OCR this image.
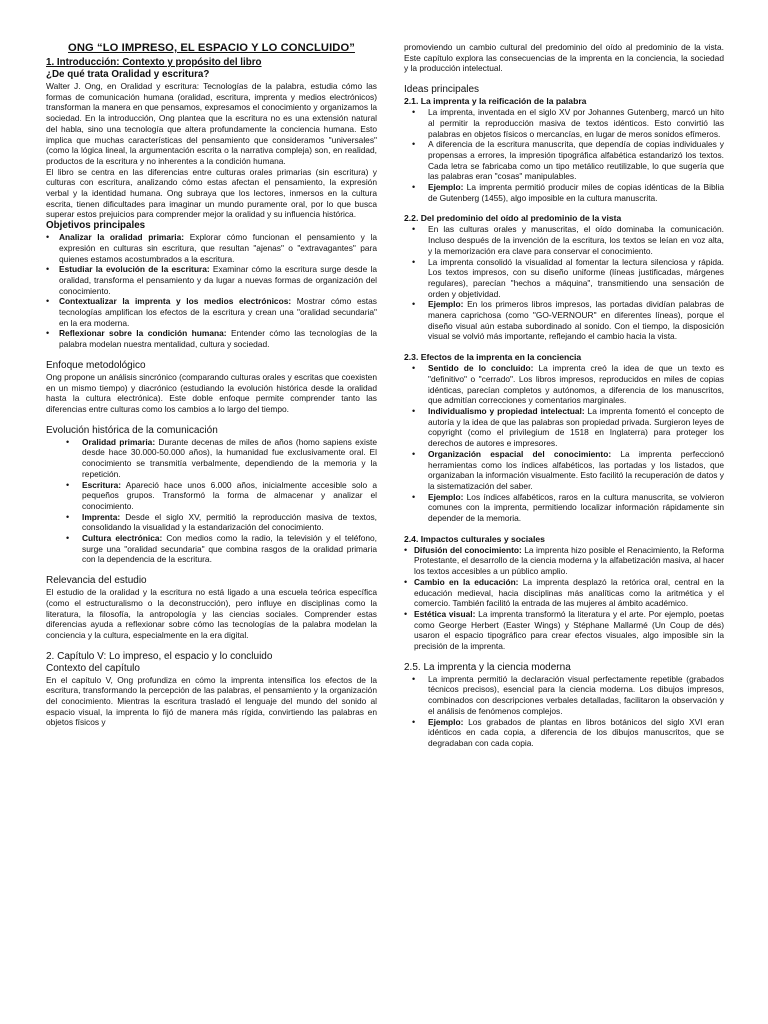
ONG “LO IMPRESO, EL ESPACIO Y LO CONCLUIDO”
1. Introducción: Contexto y propósito del libro
¿De qué trata Oralidad y escritura?

Walter J. Ong, en Oralidad y escritura: Tecnologías de la palabra, estudia cómo las formas de comunicación humana (oralidad, escritura, imprenta y medios electrónicos) transforman la manera en que pensamos, expresamos el conocimiento y organizamos la sociedad. En la introducción, Ong plantea que la escritura no es una extensión natural del habla, sino una tecnología que altera profundamente la conciencia humana. Esto implica que muchas características del pensamiento que consideramos "universales" (como la lógica lineal, la argumentación escrita o la narrativa compleja) son, en realidad, productos de la escritura y no inherentes a la condición humana.

El libro se centra en las diferencias entre culturas orales primarias (sin escritura) y culturas con escritura, analizando cómo estas afectan el pensamiento, la expresión verbal y la identidad humana. Ong subraya que los lectores, inmersos en la cultura escrita, tienen dificultades para imaginar un mundo puramente oral, por lo que busca superar estos prejuicios para comprender mejor la oralidad y su influencia histórica.

Objetivos principales
• Analizar la oralidad primaria: Explorar cómo funcionan el pensamiento y la expresión en culturas sin escritura, que resultan "ajenas" o "extravagantes" para quienes estamos acostumbrados a la escritura.
• Estudiar la evolución de la escritura: Examinar cómo la escritura surge desde la oralidad, transforma el pensamiento y da lugar a nuevas formas de organización del conocimiento.
• Contextualizar la imprenta y los medios electrónicos: Mostrar cómo estas tecnologías amplifican los efectos de la escritura y crean una "oralidad secundaria" en la era moderna.
• Reflexionar sobre la condición humana: Entender cómo las tecnologías de la palabra modelan nuestra mentalidad, cultura y sociedad.
Enfoque metodológico

Ong propone un análisis sincrónico (comparando culturas orales y escritas que coexisten en un mismo tiempo) y diacrónico (estudiando la evolución histórica desde la oralidad hasta la cultura electrónica). Este doble enfoque permite comprender tanto las diferencias entre culturas como los cambios a lo largo del tiempo.

Evolución histórica de la comunicación
• Oralidad primaria: Durante decenas de miles de años (homo sapiens existe desde hace 30.000-50.000 años), la humanidad fue exclusivamente oral. El conocimiento se transmitía verbalmente, dependiendo de la memoria y la repetición.
• Escritura: Apareció hace unos 6.000 años, inicialmente accesible solo a pequeños grupos. Transformó la forma de almacenar y analizar el conocimiento.
• Imprenta: Desde el siglo XV, permitió la reproducción masiva de textos, consolidando la visualidad y la estandarización del conocimiento.
• Cultura electrónica: Con medios como la radio, la televisión y el teléfono, surge una "oralidad secundaria" que combina rasgos de la oralidad primaria con la dependencia de la escritura.
Relevancia del estudio

El estudio de la oralidad y la escritura no está ligado a una escuela teórica específica (como el estructuralismo o la deconstrucción), pero influye en disciplinas como la literatura, la filosofía, la antropología y las ciencias sociales. Comprender estas diferencias ayuda a reflexionar sobre cómo las tecnologías de la palabra modelan la conciencia y la cultura, especialmente en la era digital.

2. Capítulo V: Lo impreso, el espacio y lo concluido
Contexto del capítulo

En el capítulo V, Ong profundiza en cómo la imprenta intensifica los efectos de la escritura, transformando la percepción de las palabras, el pensamiento y la organización del conocimiento. Mientras la escritura trasladó el lenguaje del mundo del sonido al espacio visual, la imprenta lo fijó de manera más rígida, convirtiendo las palabras en objetos físicos y

promoviendo un cambio cultural del predominio del oído al predominio de la vista. Este capítulo explora las consecuencias de la imprenta en la conciencia, la sociedad y la producción intelectual.

Ideas principales
2.1. La imprenta y la reificación de la palabra
• La imprenta, inventada en el siglo XV por Johannes Gutenberg, marcó un hito al permitir la reproducción masiva de textos idénticos. Esto convirtió las palabras en objetos físicos o mercancías, en lugar de meros sonidos efímeros.
• A diferencia de la escritura manuscrita, que dependía de copias individuales y propensas a errores, la impresión tipográfica alfabética estandarizó los textos. Cada letra se fabricaba como un tipo metálico reutilizable, lo que sugería que las palabras eran "cosas" manipulables.
• Ejemplo: La imprenta permitió producir miles de copias idénticas de la Biblia de Gutenberg (1455), algo imposible en la cultura manuscrita.
2.2. Del predominio del oído al predominio de la vista
• En las culturas orales y manuscritas, el oído dominaba la comunicación. Incluso después de la invención de la escritura, los textos se leían en voz alta, y la memorización era clave para conservar el conocimiento.
• La imprenta consolidó la visualidad al fomentar la lectura silenciosa y rápida. Los textos impresos, con su diseño uniforme (líneas justificadas, márgenes regulares), parecían "hechos a máquina", transmitiendo una sensación de orden y objetividad.
• Ejemplo: En los primeros libros impresos, las portadas dividían palabras de manera caprichosa (como "GO-VERNOUR" en diferentes líneas), porque el diseño visual aún estaba subordinado al sonido. Con el tiempo, la disposición visual se volvió más importante, reflejando el cambio hacia la vista.
2.3. Efectos de la imprenta en la conciencia
• Sentido de lo concluido: La imprenta creó la idea de que un texto es "definitivo" o "cerrado". Los libros impresos, reproducidos en miles de copias idénticas, parecían completos y autónomos, a diferencia de los manuscritos, que admitían correcciones y comentarios marginales.
• Individualismo y propiedad intelectual: La imprenta fomentó el concepto de autoría y la idea de que las palabras son propiedad privada. Surgieron leyes de copyright (como el privilegium de 1518 en Inglaterra) para proteger los derechos de autores e impresores.
• Organización espacial del conocimiento: La imprenta perfeccionó herramientas como los índices alfabéticos, las portadas y los listados, que organizaban la información visualmente. Esto facilitó la recuperación de datos y la sistematización del saber.
• Ejemplo: Los índices alfabéticos, raros en la cultura manuscrita, se volvieron comunes con la imprenta, permitiendo localizar información rápidamente sin depender de la memoria.
2.4. Impactos culturales y sociales
• Difusión del conocimiento: La imprenta hizo posible el Renacimiento, la Reforma Protestante, el desarrollo de la ciencia moderna y la alfabetización masiva, al hacer los textos accesibles a un público amplio.
• Cambio en la educación: La imprenta desplazó la retórica oral, central en la educación medieval, hacia disciplinas más analíticas como la aritmética y el comercio. También facilitó la entrada de las mujeres al ámbito académico.
• Estética visual: La imprenta transformó la literatura y el arte. Por ejemplo, poetas como George Herbert (Easter Wings) y Stéphane Mallarmé (Un Coup de dés) usaron el espacio tipográfico para crear efectos visuales, algo imposible sin la precisión de la imprenta.
2.5. La imprenta y la ciencia moderna
• La imprenta permitió la declaración visual perfectamente repetible (grabados técnicos precisos), esencial para la ciencia moderna. Los dibujos impresos, combinados con descripciones verbales detalladas, facilitaron la observación y el análisis de fenómenos complejos.
• Ejemplo: Los grabados de plantas en libros botánicos del siglo XVI eran idénticos en cada copia, a diferencia de los dibujos manuscritos, que se degradaban con cada copia.
